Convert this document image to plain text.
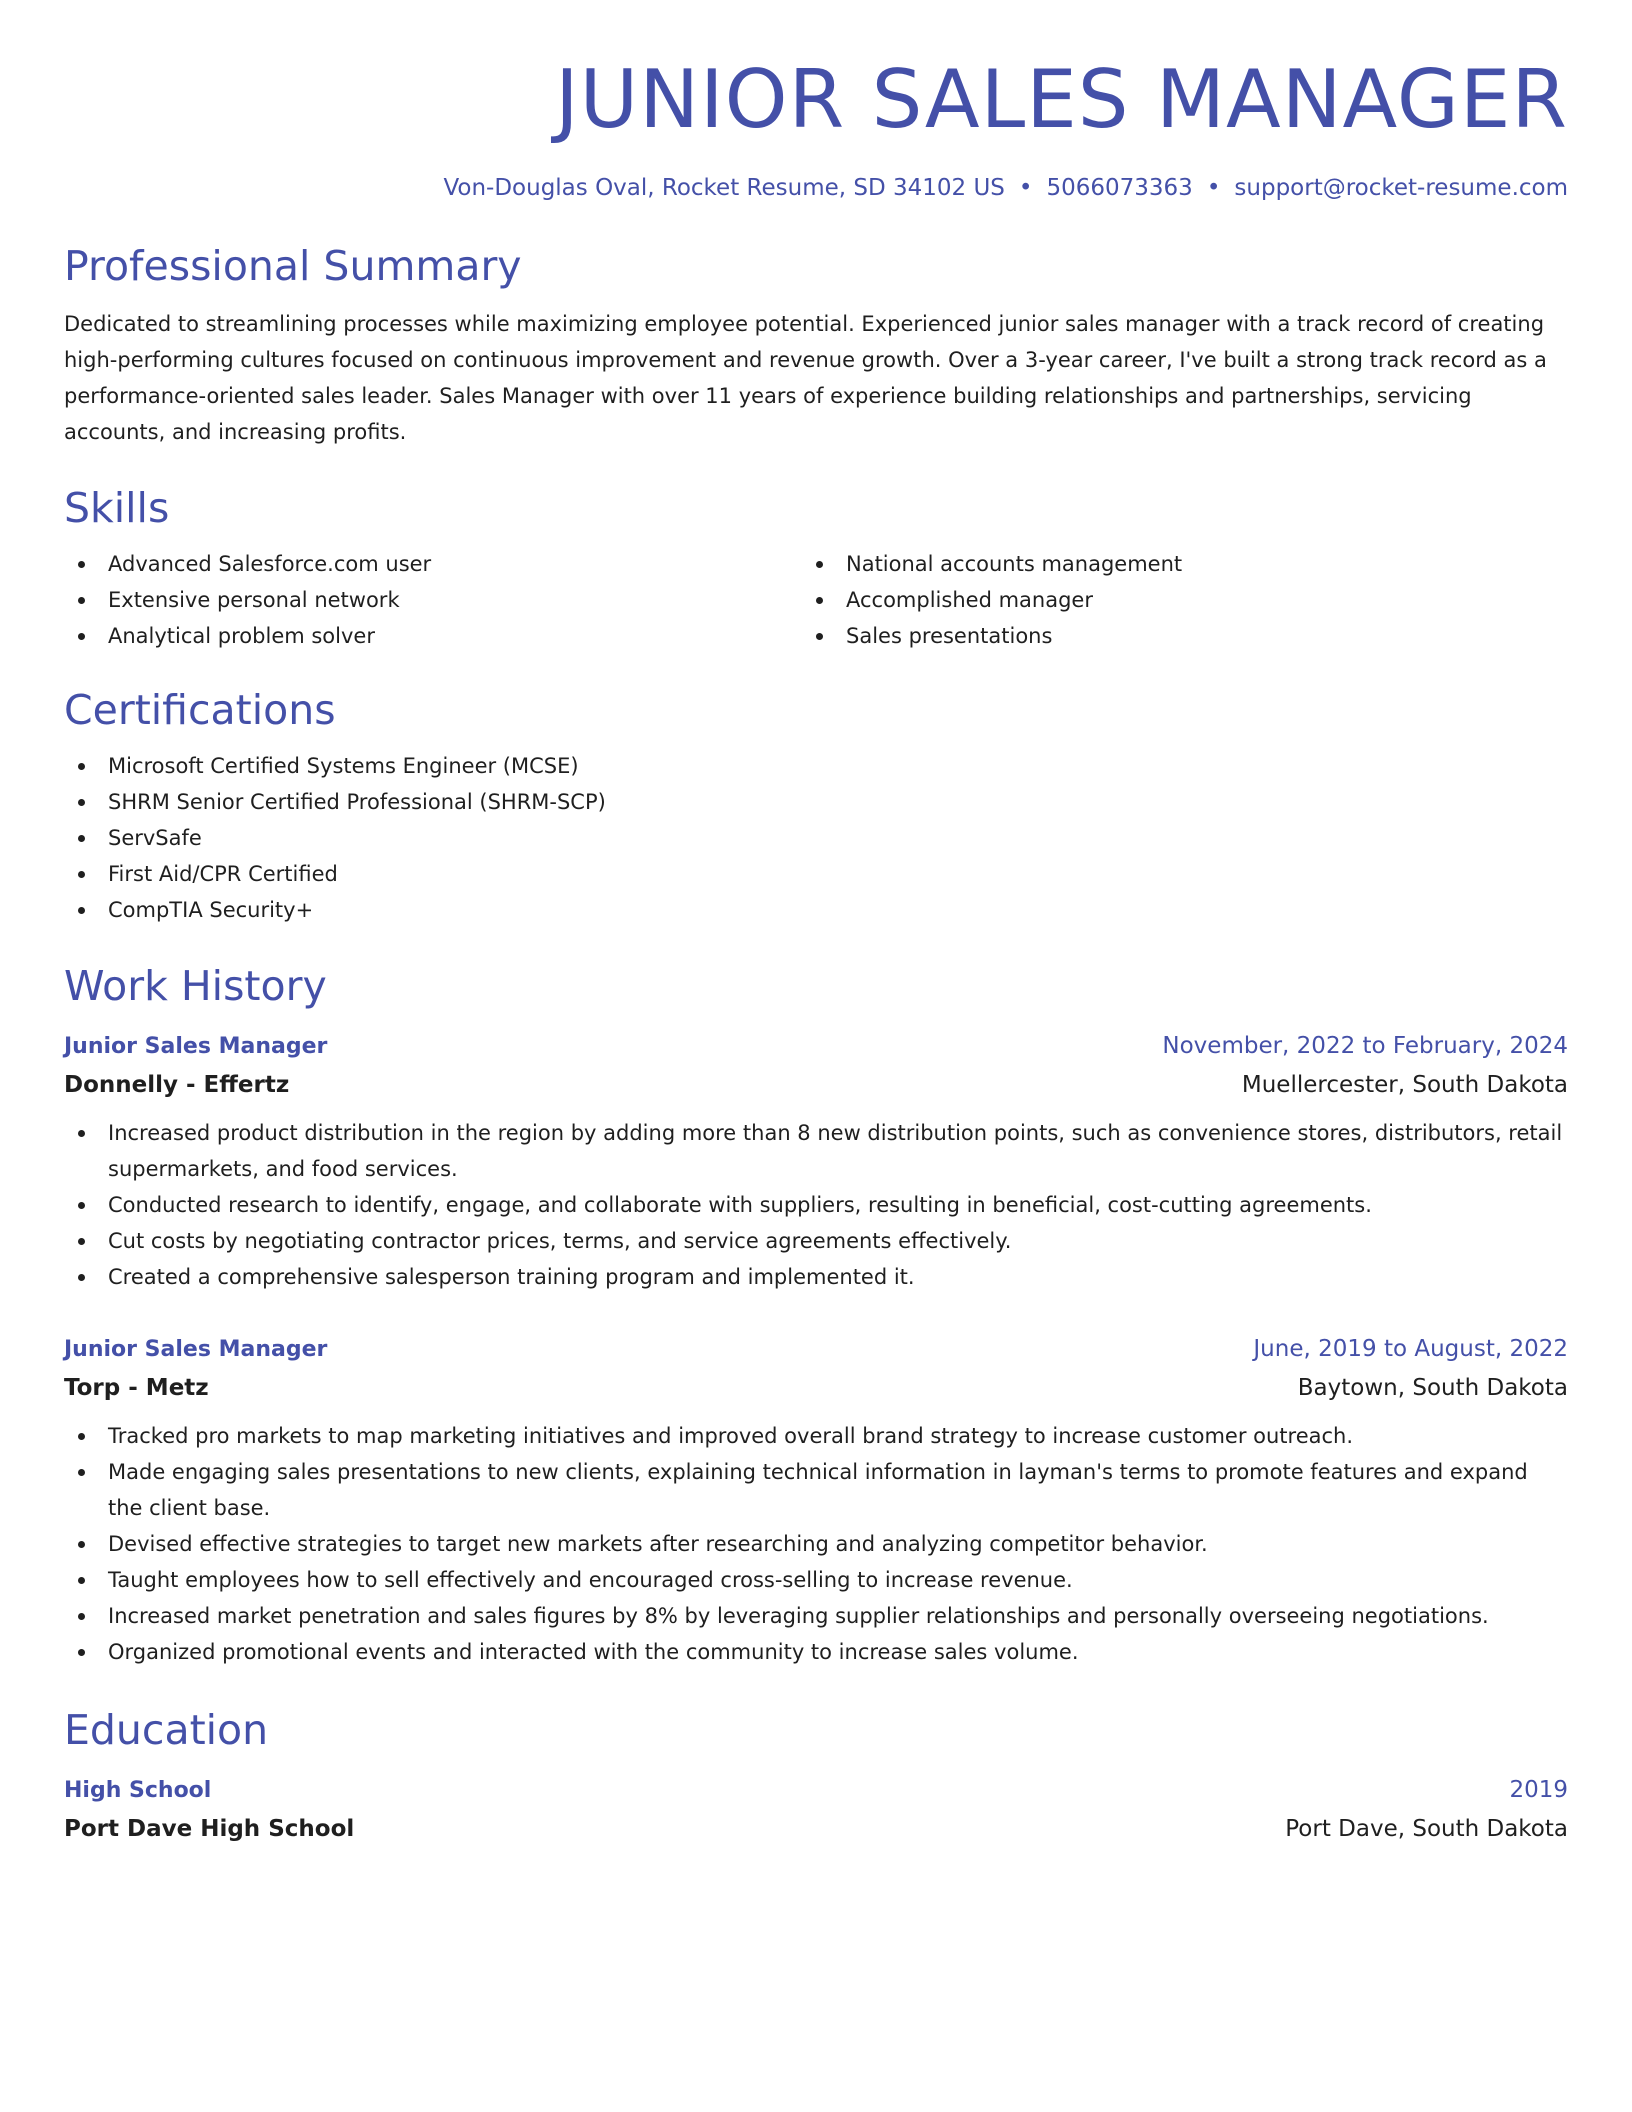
JUNIOR SALES MANAGER
Von-Douglas Oval, Rocket Resume, SD 34102 US • 5066073363 • support@rocket-resume.com
Professional Summary

Dedicated to streamlining processes while maximizing employee potential. Experienced junior sales manager with a track record of creating high-performing cultures focused on continuous improvement and revenue growth. Over a 3-year career, I've built a strong track record as a performance-oriented sales leader. Sales Manager with over 11 years of experience building relationships and partnerships, servicing accounts, and increasing profits.

Skills
Advanced Salesforce.com user
Extensive personal network
Analytical problem solver
National accounts management
Accomplished manager
Sales presentations
Certifications
Microsoft Certified Systems Engineer (MCSE)
SHRM Senior Certified Professional (SHRM-SCP)
ServSafe
First Aid/CPR Certified
CompTIA Security+
Work History
Junior Sales Manager	November, 2022 to February, 2024
Donnelly - Effertz	Muellercester, South Dakota
Increased product distribution in the region by adding more than 8 new distribution points, such as convenience stores, distributors, retail supermarkets, and food services.
Conducted research to identify, engage, and collaborate with suppliers, resulting in beneficial, cost-cutting agreements.
Cut costs by negotiating contractor prices, terms, and service agreements effectively.
Created a comprehensive salesperson training program and implemented it.
Junior Sales Manager	June, 2019 to August, 2022
Torp - Metz	Baytown, South Dakota
Tracked pro markets to map marketing initiatives and improved overall brand strategy to increase customer outreach.
Made engaging sales presentations to new clients, explaining technical information in layman's terms to promote features and expand the client base.
Devised effective strategies to target new markets after researching and analyzing competitor behavior.
Taught employees how to sell effectively and encouraged cross-selling to increase revenue.
Increased market penetration and sales figures by 8% by leveraging supplier relationships and personally overseeing negotiations.
Organized promotional events and interacted with the community to increase sales volume.
Education
High School	2019
Port Dave High School	Port Dave, South Dakota
